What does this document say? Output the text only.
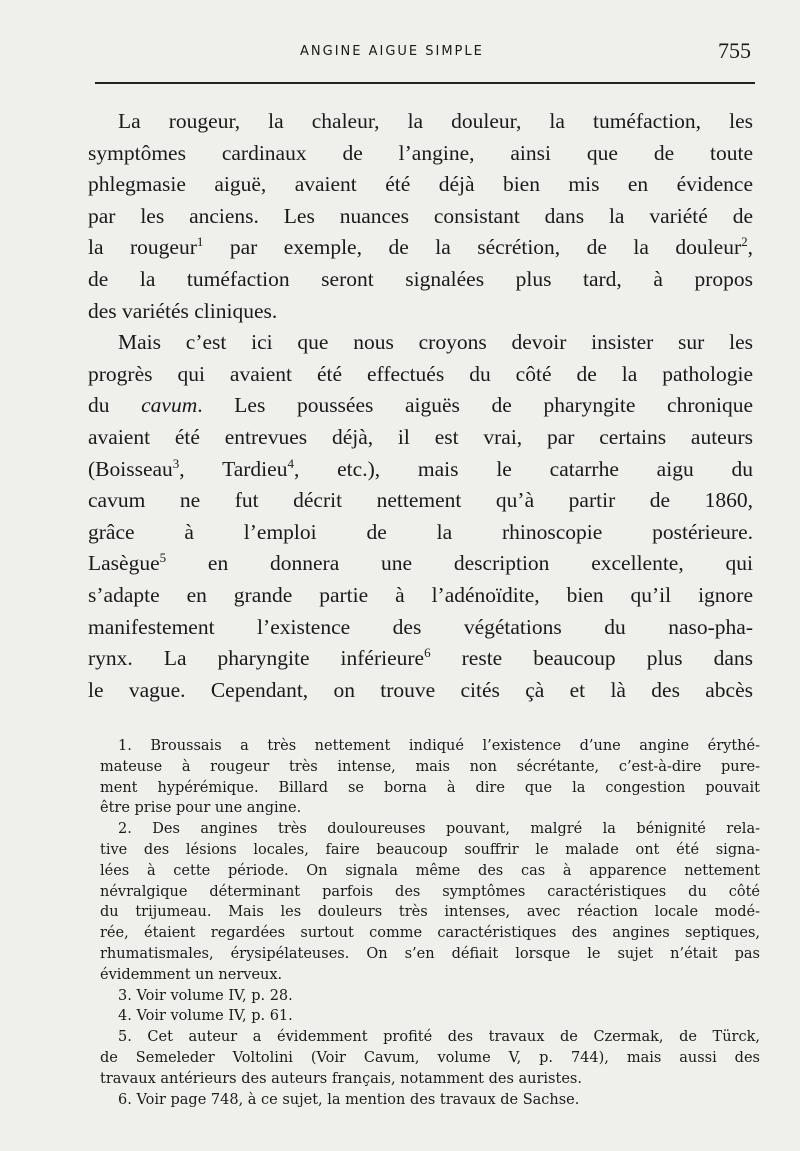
ANGINE AIGUE SIMPLE	755
La rougeur, la chaleur, la douleur, la tuméfaction, les
symptômes cardinaux de l’angine, ainsi que de toute
phlegmasie aiguë, avaient été déjà bien mis en évidence
par les anciens. Les nuances consistant dans la variété de
la rougeur$^1$ par exemple, de la sécrétion, de la douleur$^2$,
de la tuméfaction seront signalées plus tard, à propos
des variétés cliniques.
Mais c’est ici que nous croyons devoir insister sur les
progrès qui avaient été effectués du côté de la pathologie
du cavum. Les poussées aiguës de pharyngite chronique
avaient été entrevues déjà, il est vrai, par certains auteurs
(Boisseau$^3$, Tardieu$^4$, etc.), mais le catarrhe aigu du
cavum ne fut décrit nettement qu’à partir de 1860,
grâce à l’emploi de la rhinoscopie postérieure.
Lasègue$^5$ en donnera une description excellente, qui
s’adapte en grande partie à l’adénoïdite, bien qu’il ignore
manifestement l’existence des végétations du naso-pha-
rynx. La pharyngite inférieure$^6$ reste beaucoup plus dans
le vague. Cependant, on trouve cités çà et là des abcès
1. Broussais a très nettement indiqué l’existence d’une angine érythé-
mateuse à rougeur très intense, mais non sécrétante, c’est-à-dire pure-
ment hypérémique. Billard se borna à dire que la congestion pouvait
être prise pour une angine.
2. Des angines très douloureuses pouvant, malgré la bénignité rela-
tive des lésions locales, faire beaucoup souffrir le malade ont été signa-
lées à cette période. On signala même des cas à apparence nettement
névralgique déterminant parfois des symptômes caractéristiques du côté
du trijumeau. Mais les douleurs très intenses, avec réaction locale modé-
rée, étaient regardées surtout comme caractéristiques des angines septiques,
rhumatismales, érysipélateuses. On s’en défiait lorsque le sujet n’était pas
évidemment un nerveux.
3. Voir volume IV, p. 28.
4. Voir volume IV, p. 61.
5. Cet auteur a évidemment profité des travaux de Czermak, de Türck,
de Semeleder Voltolini (Voir Cavum, volume V, p. 744), mais aussi des
travaux antérieurs des auteurs français, notamment des auristes.
6. Voir page 748, à ce sujet, la mention des travaux de Sachse.
